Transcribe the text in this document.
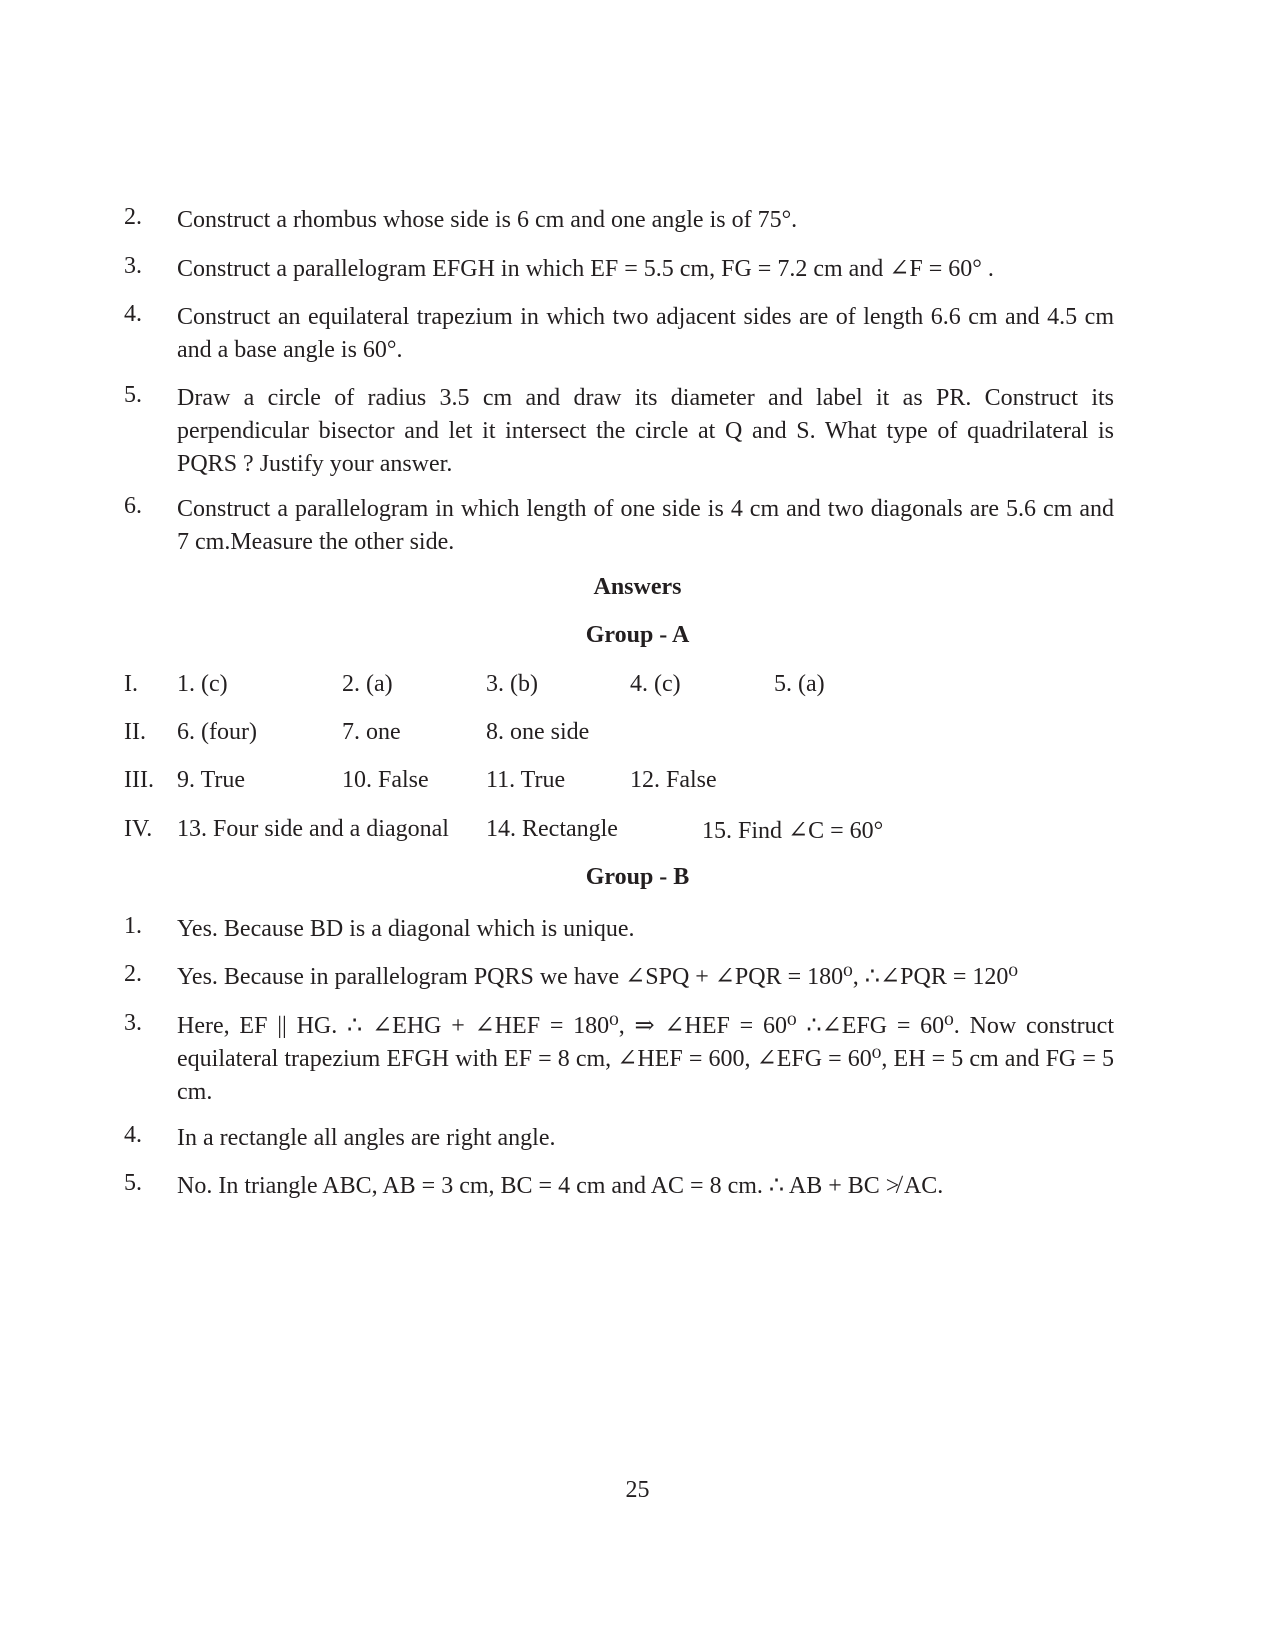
2. Construct a rhombus whose side is 6 cm and one angle is of 75°.
3. Construct a parallelogram EFGH in which EF = 5.5 cm, FG = 7.2 cm and ∠F = 60° .
4. Construct an equilateral trapezium in which two adjacent sides are of length 6.6 cm and 4.5 cm and a base angle is 60°.
5. Draw a circle of radius 3.5 cm and draw its diameter and label it as PR. Construct its perpendicular bisector and let it intersect the circle at Q and S. What type of quadrilateral is PQRS ? Justify your answer.
6. Construct a parallelogram in which length of one side is 4 cm and two diagonals are 5.6 cm and 7 cm.Measure the other side.
Answers
Group - A
I. 1. (c)	2. (a)	3. (b)	4. (c)	5. (a)
II. 6. (four)	7. one	8. one side
III. 9. True	10. False 11. True	12. False
IV. 13. Four side and a diagonal 14. Rectangle	15. Find ∠C = 60°
Group - B
1. Yes. Because BD is a diagonal which is unique.
2. Yes. Because in parallelogram PQRS we have ∠SPQ + ∠PQR = 180⁰, ∴∠PQR = 120⁰
3. Here, EF || HG. ∴ ∠EHG + ∠HEF = 180⁰, ⇒ ∠HEF = 60⁰ ∴∠EFG = 60⁰. Now construct equilateral trapezium EFGH with EF = 8 cm, ∠HEF = 600, ∠EFG = 60⁰, EH = 5 cm and FG = 5 cm.
4. In a rectangle all angles are right angle.
5. No. In triangle ABC, AB = 3 cm, BC = 4 cm and AC = 8 cm. ∴ AB + BC ≯ AC.
25
